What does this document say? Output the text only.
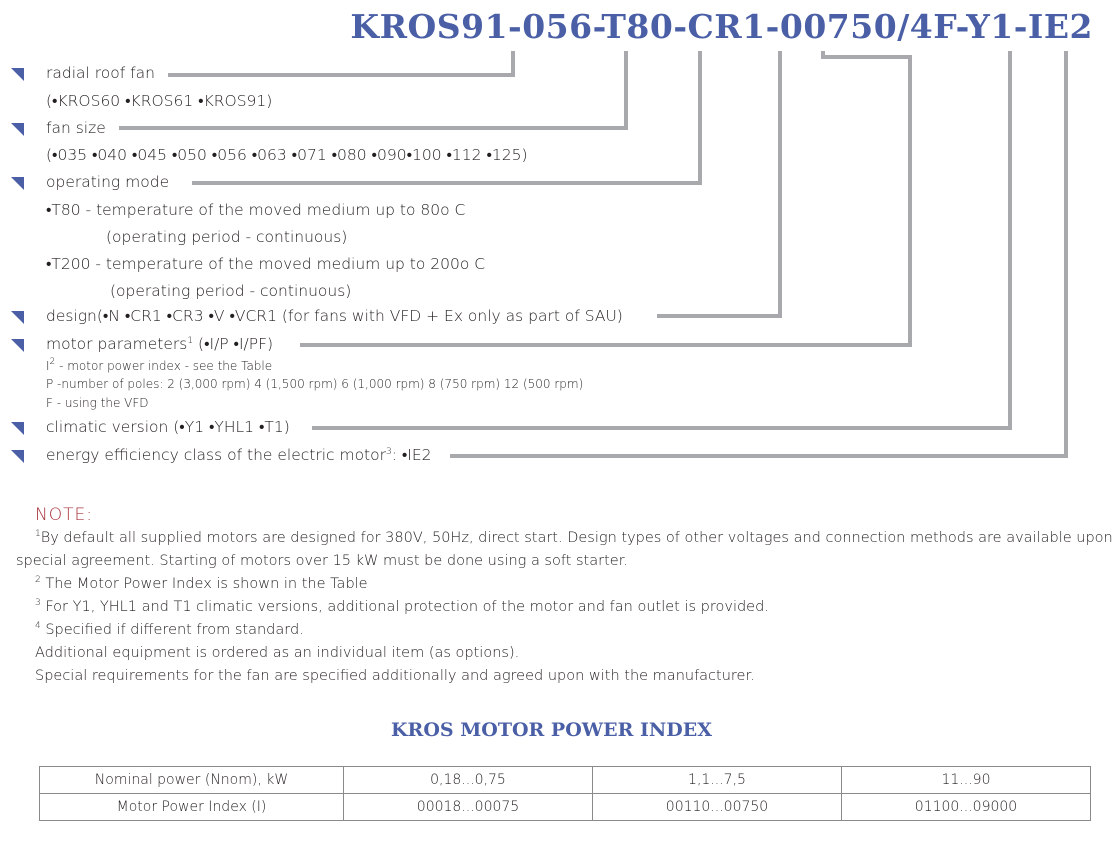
KROS91-056-T80-CR1-00750/4F-Y1-IE2
radial roof fan
(•KROS60 •KROS61 •KROS91)
fan size
(•035 •040 •045 •050 •056 •063 •071 •080 •090•100 •112 •125)
operating mode
•T80 - temperature of the moved medium up to 80o C
(operating period - continuous)
•T200 - temperature of the moved medium up to 200o C
(operating period - continuous)
design(•N •CR1 •CR3 •V •VCR1 (for fans with VFD + Ex only as part of SAU)
motor parameters$^1$ (•I/P •I/PF)
$I^2$ - motor power index - see the Table
P -number of poles: 2 (3,000 rpm) 4 (1,500 rpm) 6 (1,000 rpm) 8 (750 rpm) 12 (500 rpm)
F - using the VFD
climatic version (•Y1 •YHL1 •T1)
energy efficiency class of the electric motor$^3$: •IE2
NOTE:
$^1$By default all supplied motors are designed for 380V, 50Hz, direct start. Design types of other voltages and connection methods are available upon
special agreement. Starting of motors over 15 kW must be done using a soft starter.
$^2$ The Motor Power Index is shown in the Table
$^3$ For Y1, YHL1 and T1 climatic versions, additional protection of the motor and fan outlet is provided.
$^4$ Specified if different from standard.
Additional equipment is ordered as an individual item (as options).
Special requirements for the fan are specified additionally and agreed upon with the manufacturer.
KROS MOTOR POWER INDEX
Nominal power (Nnom), kW	0,18...0,75	1,1...7,5	11...90
Motor Power Index (I)	00018...00075	00110...00750	01100...09000
